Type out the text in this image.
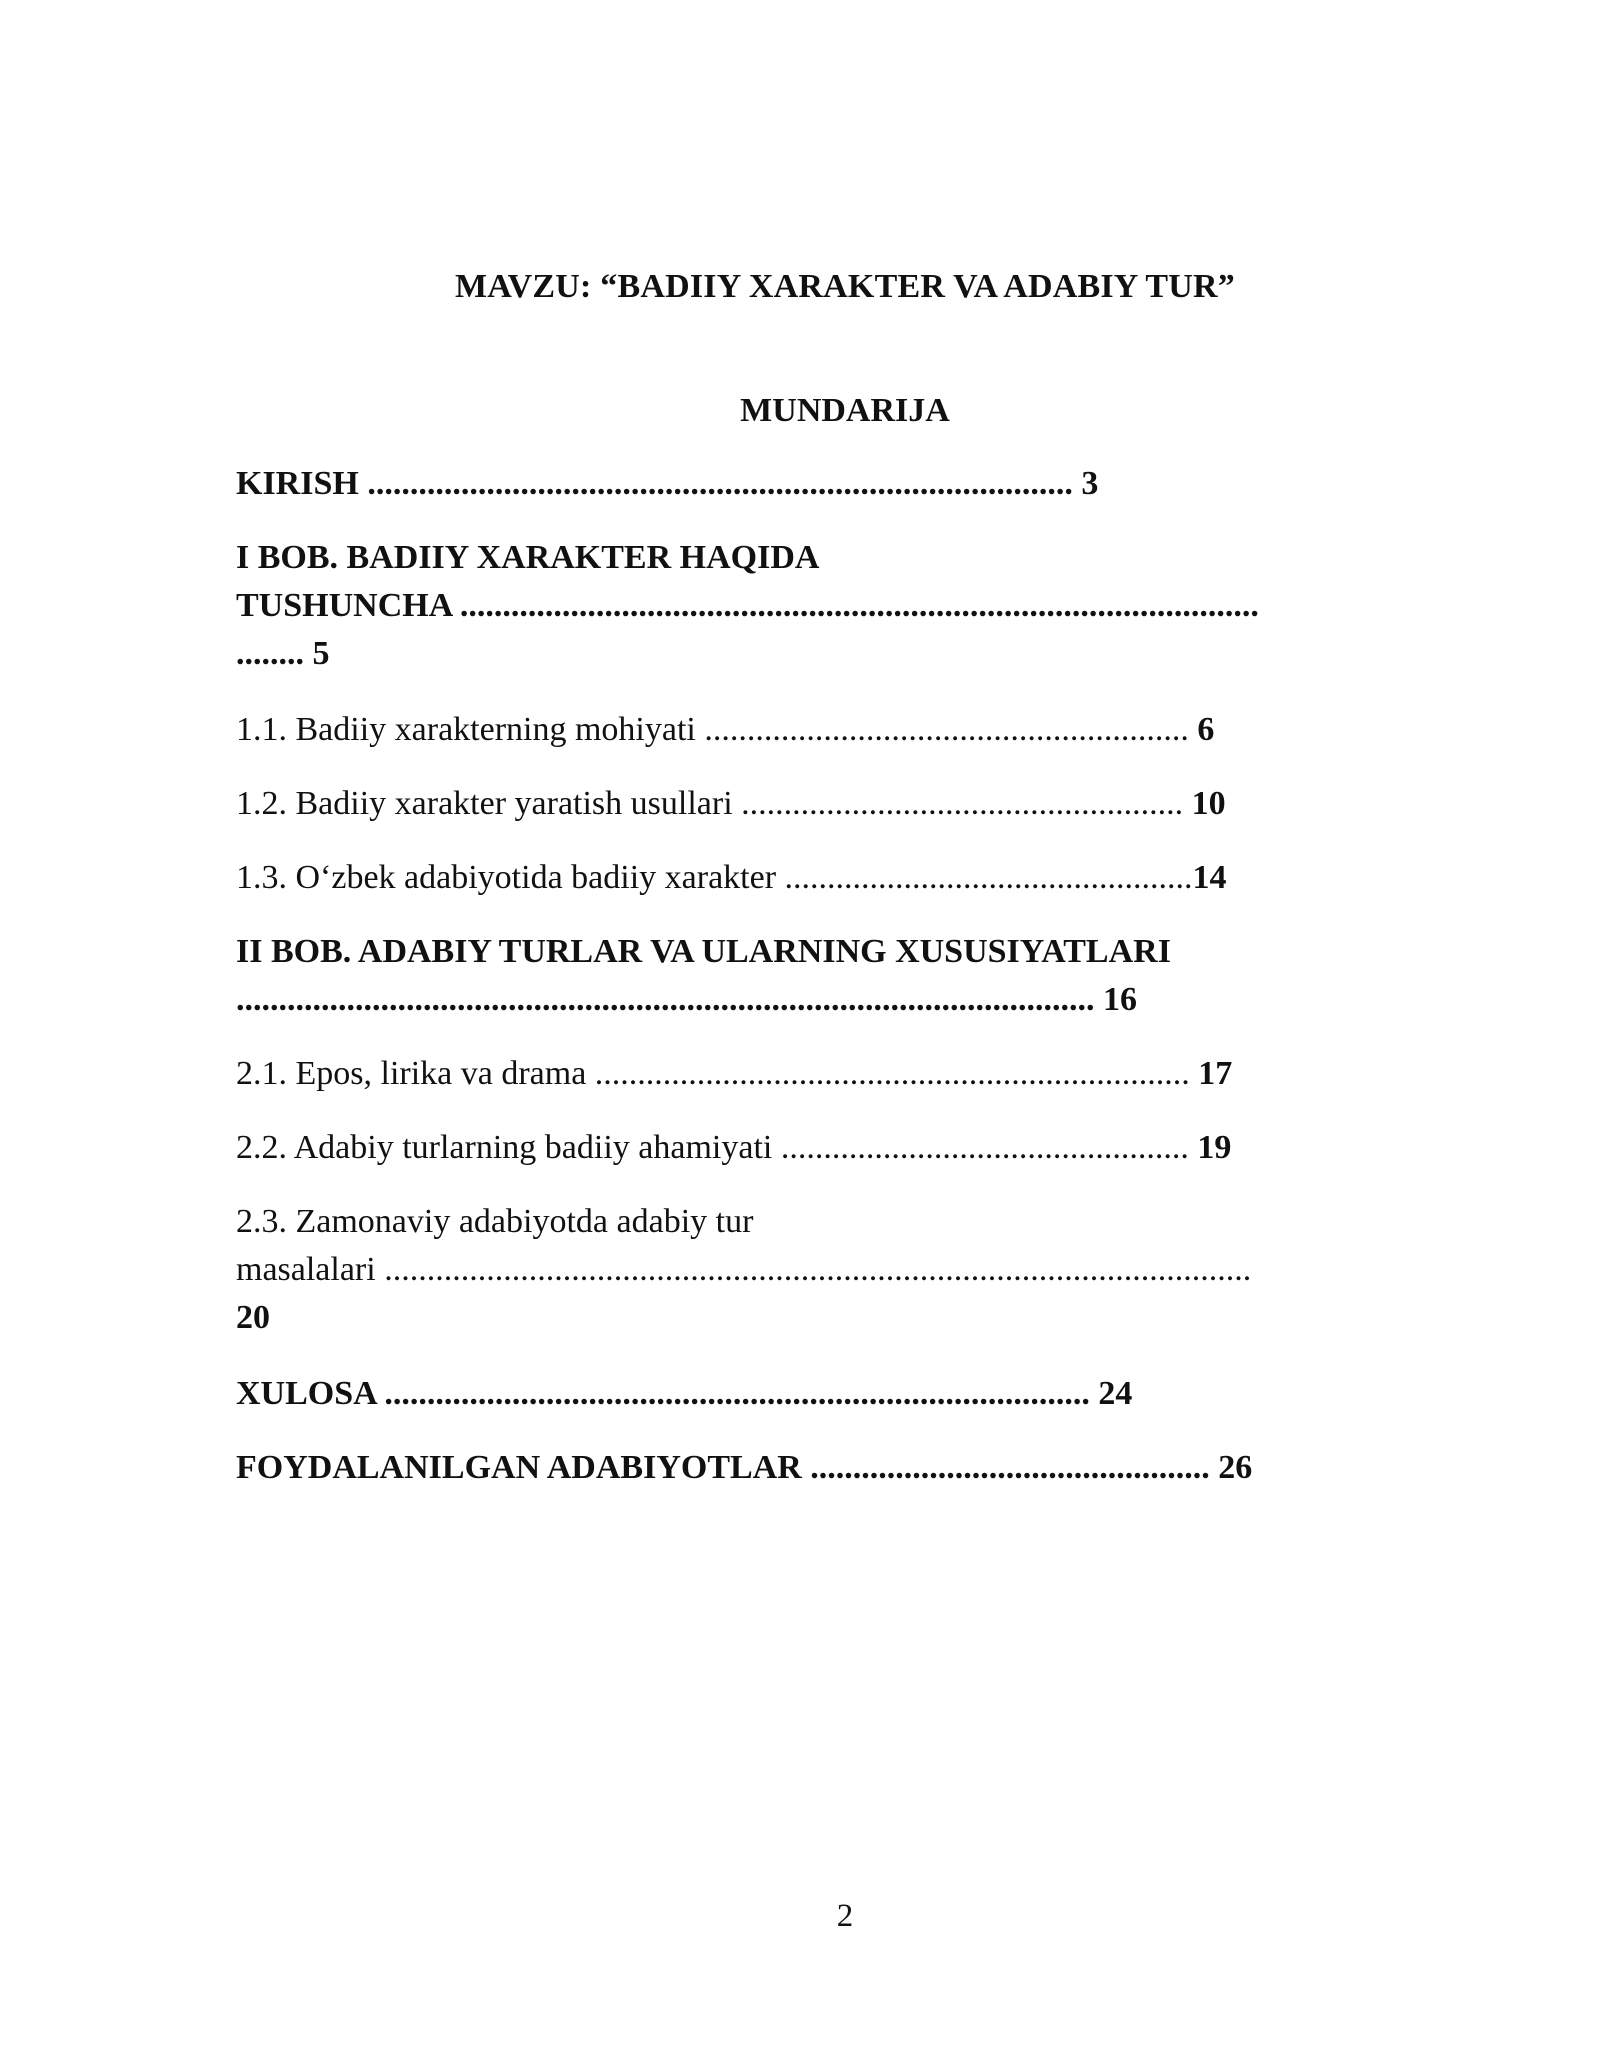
MAVZU: “BADIIY XARAKTER VA ADABIY TUR”
MUNDARIJA
KIRISH ................................................................................... 3
I BOB. BADIIY XARAKTER HAQIDA
TUSHUNCHA ..............................................................................................
........ 5
1.1. Badiiy xarakterning mohiyati ......................................................... 6
1.2. Badiiy xarakter yaratish usullari .................................................... 10
1.3. O‘zbek adabiyotida badiiy xarakter ................................................14
II BOB. ADABIY TURLAR VA ULARNING XUSUSIYATLARI
..................................................................................................... 16
2.1. Epos, lirika va drama ...................................................................... 17
2.2. Adabiy turlarning badiiy ahamiyati ................................................ 19
2.3. Zamonaviy adabiyotda adabiy tur
masalalari ......................................................................................................
20
XULOSA ................................................................................... 24
FOYDALANILGAN ADABIYOTLAR ............................................... 26
2
